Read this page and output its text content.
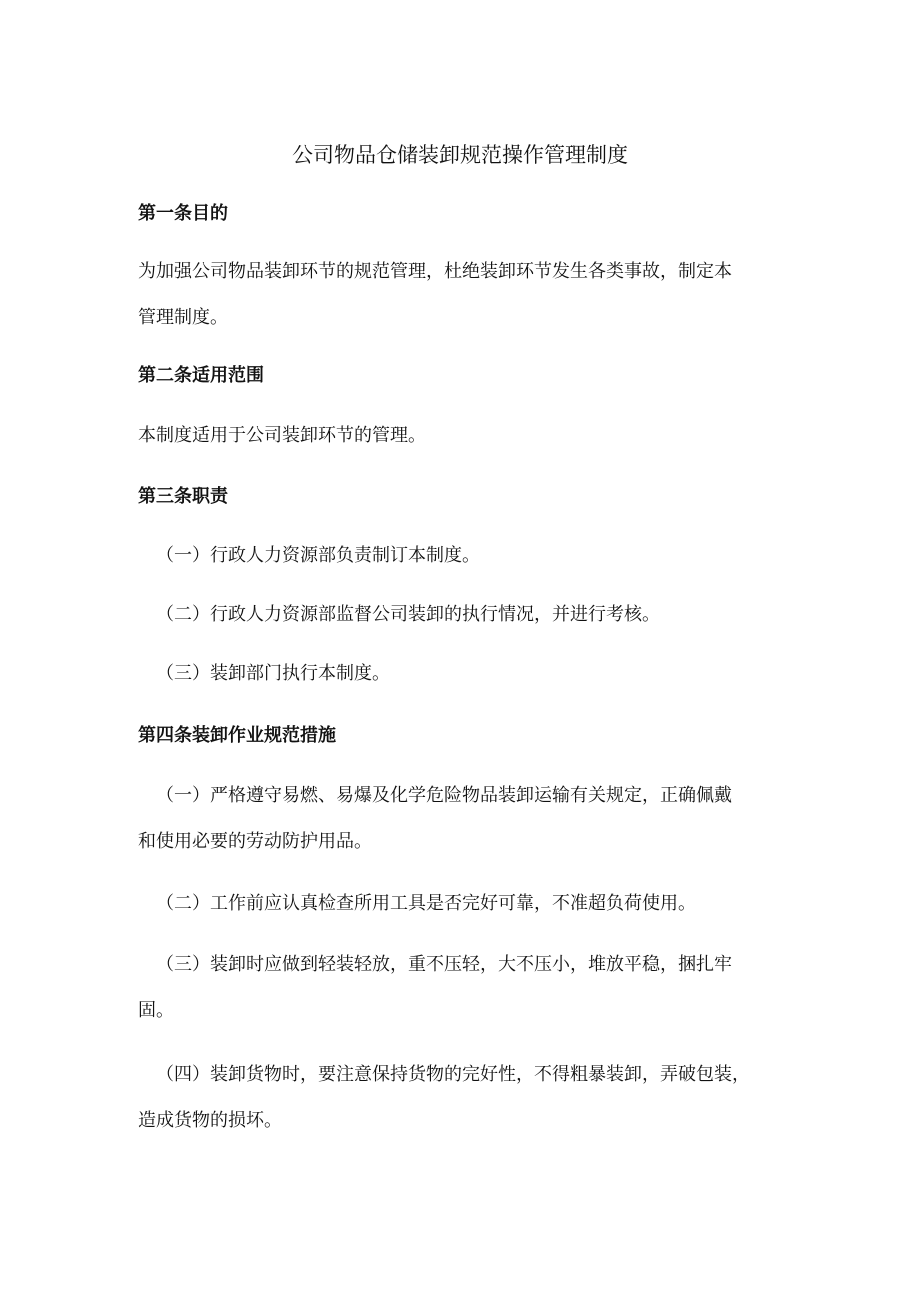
公司物品仓储装卸规范操作管理制度
第一条目的

为加强公司物品装卸环节的规范管理，杜绝装卸环节发生各类事故，制定本
管理制度。

第二条适用范围

本制度适用于公司装卸环节的管理。

第三条职责

（一）行政人力资源部负责制订本制度。

（二）行政人力资源部监督公司装卸的执行情况，并进行考核。

（三）装卸部门执行本制度。

第四条装卸作业规范措施

（一）严格遵守易燃、易爆及化学危险物品装卸运输有关规定，正确佩戴
和使用必要的劳动防护用品。

（二）工作前应认真检查所用工具是否完好可靠，不准超负荷使用。

（三）装卸时应做到轻装轻放，重不压轻，大不压小，堆放平稳，捆扎牢
固。

（四）装卸货物时，要注意保持货物的完好性，不得粗暴装卸，弄破包装，
造成货物的损坏。
